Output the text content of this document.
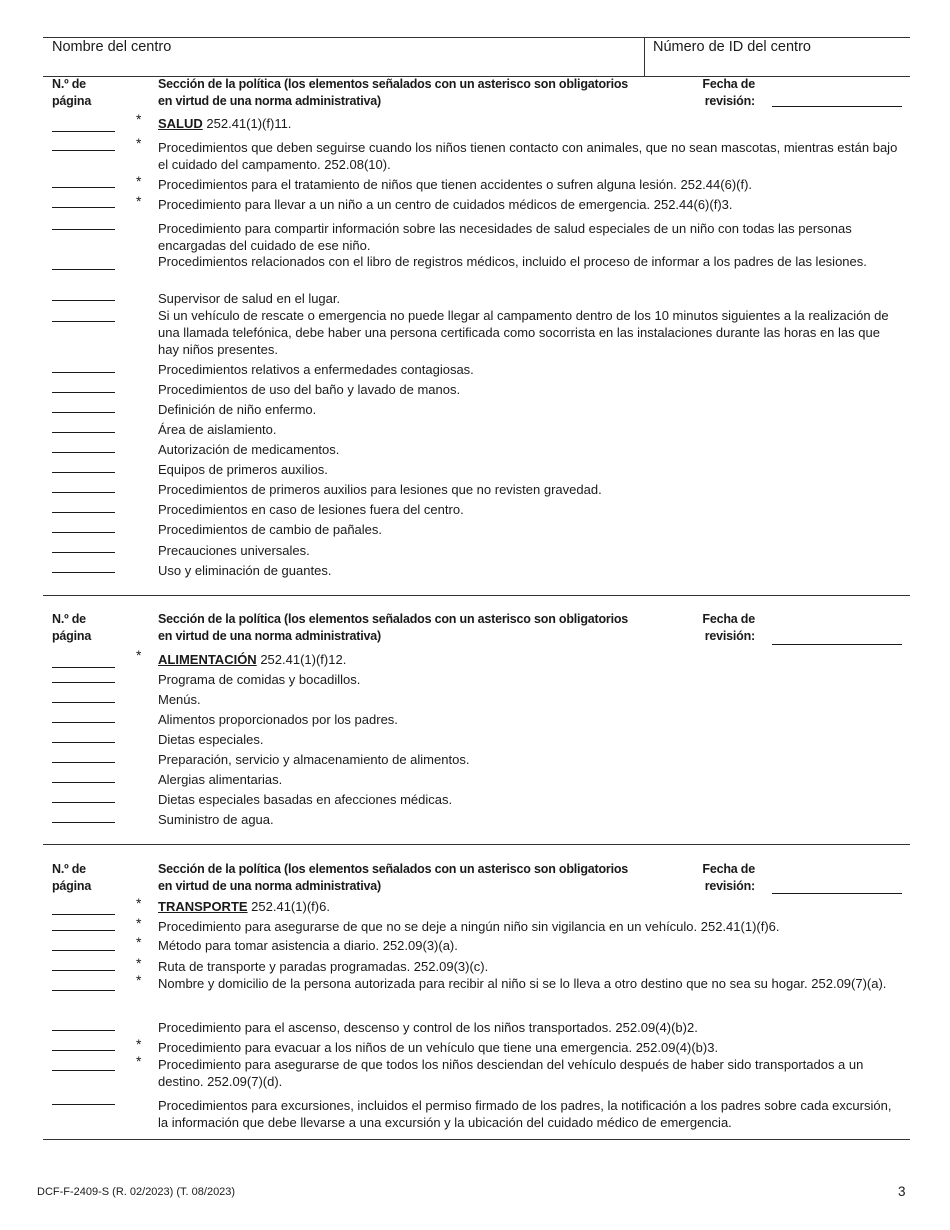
Nombre del centro	Número de ID del centro
N.º de
página
Sección de la política (los elementos señalados con un asterisco son obligatorios
en virtud de una norma administrativa)
Fecha de
revisión:
* SALUD 252.41(1)(f)11.
* Procedimientos que deben seguirse cuando los niños tienen contacto con animales, que no sean mascotas, mientras están bajo el cuidado del campamento. 252.08(10).
* Procedimientos para el tratamiento de niños que tienen accidentes o sufren alguna lesión. 252.44(6)(f).
* Procedimiento para llevar a un niño a un centro de cuidados médicos de emergencia. 252.44(6)(f)3.
Procedimiento para compartir información sobre las necesidades de salud especiales de un niño con todas las personas encargadas del cuidado de ese niño.
Procedimientos relacionados con el libro de registros médicos, incluido el proceso de informar a los padres de las lesiones.
Supervisor de salud en el lugar.
Si un vehículo de rescate o emergencia no puede llegar al campamento dentro de los 10 minutos siguientes a la realización de una llamada telefónica, debe haber una persona certificada como socorrista en las instalaciones durante las horas en las que hay niños presentes.
Procedimientos relativos a enfermedades contagiosas.
Procedimientos de uso del baño y lavado de manos.
Definición de niño enfermo.
Área de aislamiento.
Autorización de medicamentos.
Equipos de primeros auxilios.
Procedimientos de primeros auxilios para lesiones que no revisten gravedad.
Procedimientos en caso de lesiones fuera del centro.
Procedimientos de cambio de pañales.
Precauciones universales.
Uso y eliminación de guantes.
N.º de
página
Sección de la política (los elementos señalados con un asterisco son obligatorios
en virtud de una norma administrativa)
Fecha de
revisión:
* ALIMENTACIÓN 252.41(1)(f)12.
Programa de comidas y bocadillos.
Menús.
Alimentos proporcionados por los padres.
Dietas especiales.
Preparación, servicio y almacenamiento de alimentos.
Alergias alimentarias.
Dietas especiales basadas en afecciones médicas.
Suministro de agua.
N.º de
página
Sección de la política (los elementos señalados con un asterisco son obligatorios
en virtud de una norma administrativa)
Fecha de
revisión:
* TRANSPORTE 252.41(1)(f)6.
* Procedimiento para asegurarse de que no se deje a ningún niño sin vigilancia en un vehículo. 252.41(1)(f)6.
* Método para tomar asistencia a diario. 252.09(3)(a).
* Ruta de transporte y paradas programadas. 252.09(3)(c).
* Nombre y domicilio de la persona autorizada para recibir al niño si se lo lleva a otro destino que no sea su hogar. 252.09(7)(a).
Procedimiento para el ascenso, descenso y control de los niños transportados. 252.09(4)(b)2.
* Procedimiento para evacuar a los niños de un vehículo que tiene una emergencia. 252.09(4)(b)3.
* Procedimiento para asegurarse de que todos los niños desciendan del vehículo después de haber sido transportados a un destino. 252.09(7)(d).
Procedimientos para excursiones, incluidos el permiso firmado de los padres, la notificación a los padres sobre cada excursión, la información que debe llevarse a una excursión y la ubicación del cuidado médico de emergencia.
DCF-F-2409-S (R. 02/2023) (T. 08/2023)	3
